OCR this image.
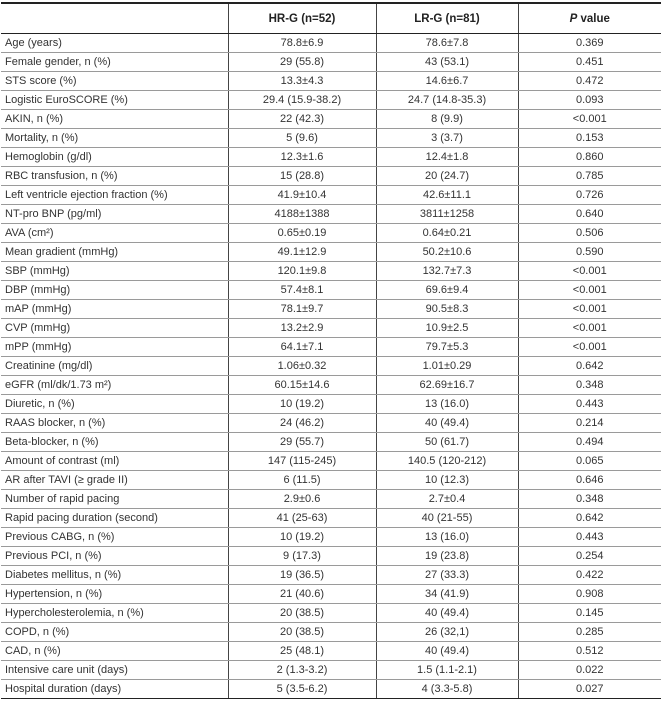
	HR-G (n=52)	LR-G (n=81)	P value
Age (years)	78.8±6.9	78.6±7.8	0.369
Female gender, n (%)	29 (55.8)	43 (53.1)	0.451
STS score (%)	13.3±4.3	14.6±6.7	0.472
Logistic EuroSCORE (%)	29.4 (15.9-38.2)	24.7 (14.8-35.3)	0.093
AKIN, n (%)	22 (42.3)	8 (9.9)	<0.001
Mortality, n (%)	5 (9.6)	3 (3.7)	0.153
Hemoglobin (g/dl)	12.3±1.6	12.4±1.8	0.860
RBC transfusion, n (%)	15 (28.8)	20 (24.7)	0.785
Left ventricle ejection fraction (%)	41.9±10.4	42.6±11.1	0.726
NT-pro BNP (pg/ml)	4188±1388	3811±1258	0.640
AVA (cm²)	0.65±0.19	0.64±0.21	0.506
Mean gradient (mmHg)	49.1±12.9	50.2±10.6	0.590
SBP (mmHg)	120.1±9.8	132.7±7.3	<0.001
DBP (mmHg)	57.4±8.1	69.6±9.4	<0.001
mAP (mmHg)	78.1±9.7	90.5±8.3	<0.001
CVP (mmHg)	13.2±2.9	10.9±2.5	<0.001
mPP (mmHg)	64.1±7.1	79.7±5.3	<0.001
Creatinine (mg/dl)	1.06±0.32	1.01±0.29	0.642
eGFR (ml/dk/1.73 m²)	60.15±14.6	62.69±16.7	0.348
Diuretic, n (%)	10 (19.2)	13 (16.0)	0.443
RAAS blocker, n (%)	24 (46.2)	40 (49.4)	0.214
Beta-blocker, n (%)	29 (55.7)	50 (61.7)	0.494
Amount of contrast (ml)	147 (115-245)	140.5 (120-212)	0.065
AR after TAVI (≥ grade II)	6 (11.5)	10 (12.3)	0.646
Number of rapid pacing	2.9±0.6	2.7±0.4	0.348
Rapid pacing duration (second)	41 (25-63)	40 (21-55)	0.642
Previous CABG, n (%)	10 (19.2)	13 (16.0)	0.443
Previous PCI, n (%)	9 (17.3)	19 (23.8)	0.254
Diabetes mellitus, n (%)	19 (36.5)	27 (33.3)	0.422
Hypertension, n (%)	21 (40.6)	34 (41.9)	0.908
Hypercholesterolemia, n (%)	20 (38.5)	40 (49.4)	0.145
COPD, n (%)	20 (38.5)	26 (32,1)	0.285
CAD, n (%)	25 (48.1)	40 (49.4)	0.512
Intensive care unit (days)	2 (1.3-3.2)	1.5 (1.1-2.1)	0.022
Hospital duration (days)	5 (3.5-6.2)	4 (3.3-5.8)	0.027
